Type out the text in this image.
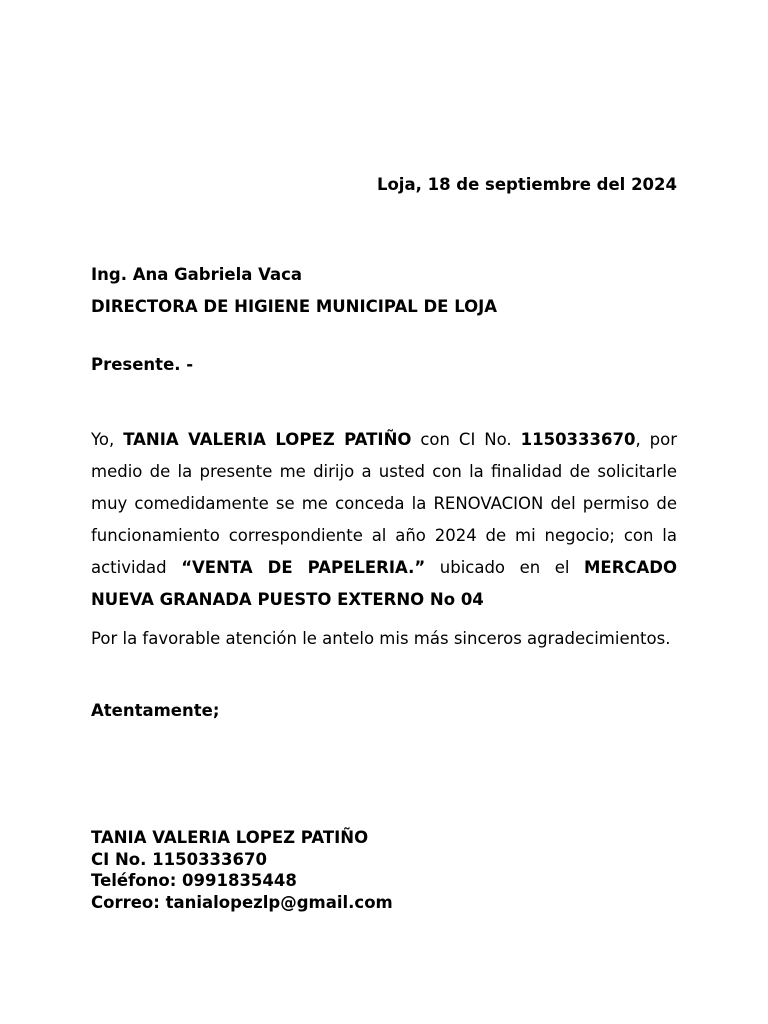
Loja, 18 de septiembre del 2024
Ing. Ana Gabriela Vaca
DIRECTORA DE HIGIENE MUNICIPAL DE LOJA
Presente. -
Yo, TANIA VALERIA LOPEZ PATIÑO con CI No. 1150333670, por medio de la presente me dirijo a usted con la finalidad de solicitarle muy comedidamente se me conceda la RENOVACION del permiso de funcionamiento correspondiente al año 2024 de mi negocio; con la actividad “VENTA DE PAPELERIA.” ubicado en el MERCADO NUEVA GRANADA PUESTO EXTERNO No 04
Por la favorable atención le antelo mis más sinceros agradecimientos.
Atentamente;
TANIA VALERIA LOPEZ PATIÑO
CI No. 1150333670
Teléfono: 0991835448
Correo: tanialopezlp@gmail.com
